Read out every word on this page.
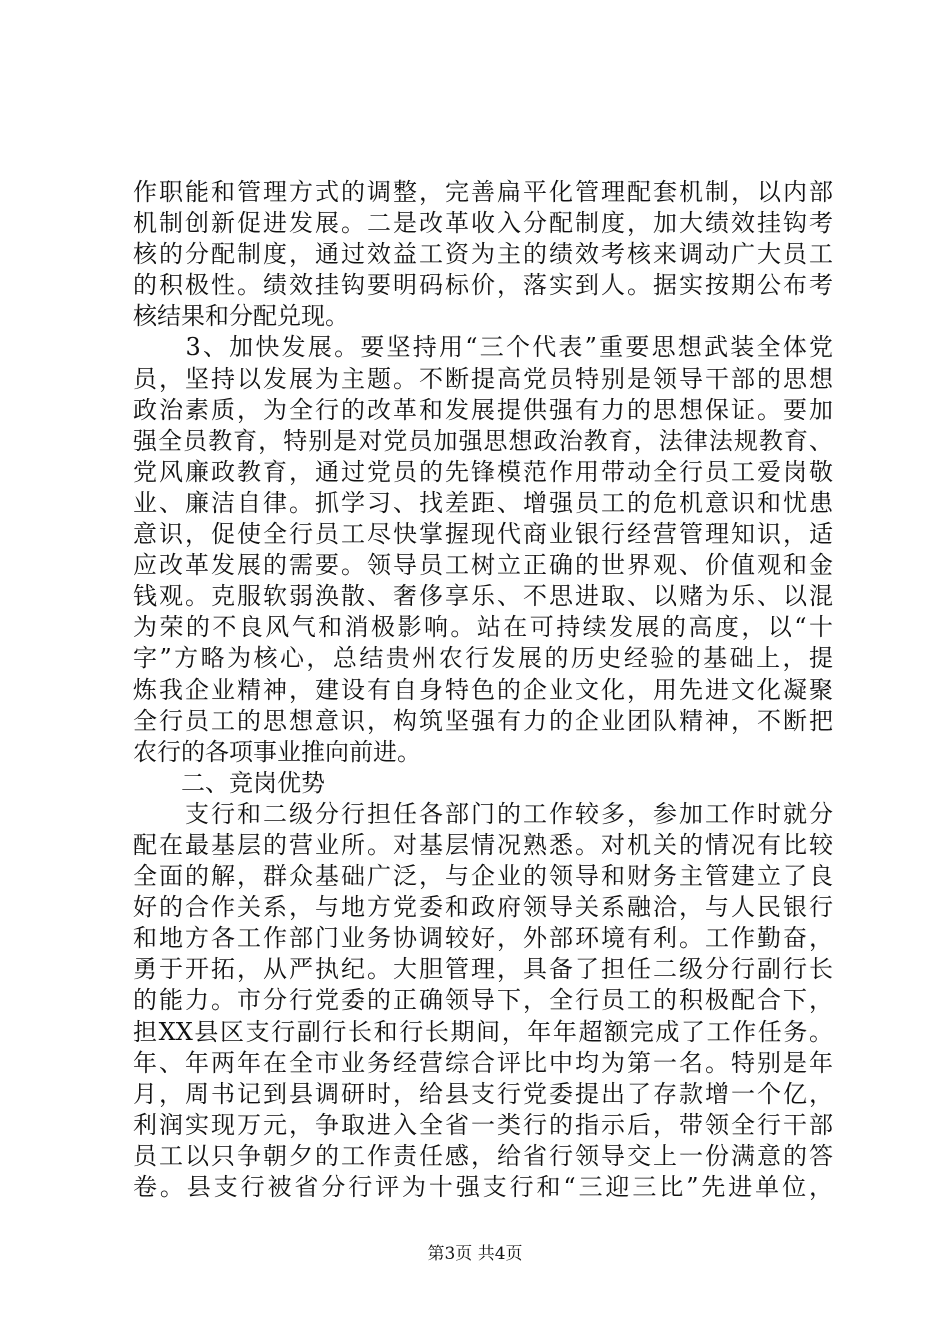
作职能和管理方式的调整，完善扁平化管理配套机制，以内部
机制创新促进发展。二是改革收入分配制度，加大绩效挂钩考
核的分配制度，通过效益工资为主的绩效考核来调动广大员工
的积极性。绩效挂钩要明码标价，落实到人。据实按期公布考
核结果和分配兑现。
　　3、加快发展。要坚持用“三个代表”重要思想武装全体党
员，坚持以发展为主题。不断提高党员特别是领导干部的思想
政治素质，为全行的改革和发展提供强有力的思想保证。要加
强全员教育，特别是对党员加强思想政治教育，法律法规教育、
党风廉政教育，通过党员的先锋模范作用带动全行员工爱岗敬
业、廉洁自律。抓学习、找差距、增强员工的危机意识和忧患
意识，促使全行员工尽快掌握现代商业银行经营管理知识，适
应改革发展的需要。领导员工树立正确的世界观、价值观和金
钱观。克服软弱涣散、奢侈享乐、不思进取、以赌为乐、以混
为荣的不良风气和消极影响。站在可持续发展的高度，以“十
字”方略为核心，总结贵州农行发展的历史经验的基础上，提
炼我企业精神，建设有自身特色的企业文化，用先进文化凝聚
全行员工的思想意识，构筑坚强有力的企业团队精神，不断把
农行的各项事业推向前进。
　　二、竞岗优势
　　支行和二级分行担任各部门的工作较多，参加工作时就分
配在最基层的营业所。对基层情况熟悉。对机关的情况有比较
全面的解，群众基础广泛，与企业的领导和财务主管建立了良
好的合作关系，与地方党委和政府领导关系融洽，与人民银行
和地方各工作部门业务协调较好，外部环境有利。工作勤奋，
勇于开拓，从严执纪。大胆管理，具备了担任二级分行副行长
的能力。市分行党委的正确领导下，全行员工的积极配合下，
担XX县区支行副行长和行长期间，年年超额完成了工作任务。
年、年两年在全市业务经营综合评比中均为第一名。特别是年
月，周书记到县调研时，给县支行党委提出了存款增一个亿，
利润实现万元，争取进入全省一类行的指示后，带领全行干部
员工以只争朝夕的工作责任感，给省行领导交上一份满意的答
卷。县支行被省分行评为十强支行和“三迎三比”先进单位，
第3页 共4页
